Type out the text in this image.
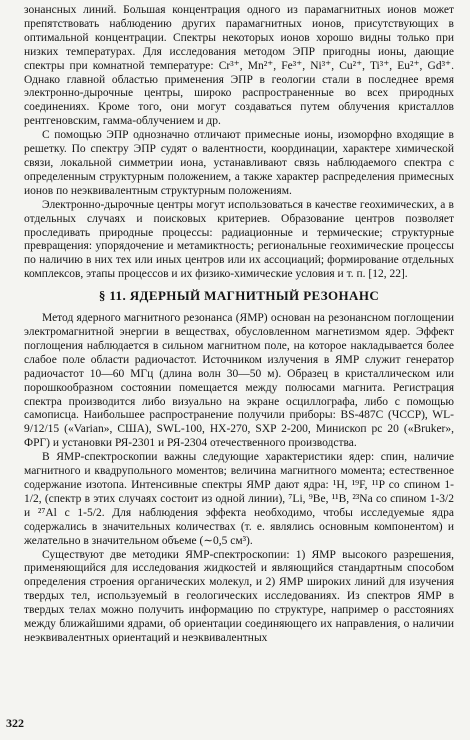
зонансных линий. Большая концентрация одного из парамагнитных ионов может препятствовать наблюдению других парамагнитных ионов, присутствующих в оптимальной концентрации. Спектры некоторых ионов хорошо видны только при низких температурах. Для исследования методом ЭПР пригодны ионы, дающие спектры при комнатной температуре: Cr³⁺, Mn²⁺, Fe³⁺, Ni³⁺, Cu²⁺, Ti³⁺, Eu²⁺, Gd³⁺. Однако главной областью применения ЭПР в геологии стали в последнее время электронно-дырочные центры, широко распространенные во всех природных соединениях. Кроме того, они могут создаваться путем облучения кристаллов рентгеновским, гамма-облучением и др.

С помощью ЭПР однозначно отличают примесные ионы, изоморфно входящие в решетку. По спектру ЭПР судят о валентности, координации, характере химической связи, локальной симметрии иона, устанавливают связь наблюдаемого спектра с определенным структурным положением, а также характер распределения примесных ионов по неэквивалентным структурным положениям.

Электронно-дырочные центры могут использоваться в качестве геохимических, а в отдельных случаях и поисковых критериев. Образование центров позволяет проследивать природные процессы: радиационные и термические; структурные превращения: упорядочение и метамиктность; региональные геохимические процессы по наличию в них тех или иных центров или их ассоциаций; формирование отдельных комплексов, этапы процессов и их физико-химические условия и т. п. [12, 22].

§ 11. ЯДЕРНЫЙ МАГНИТНЫЙ РЕЗОНАНС

Метод ядерного магнитного резонанса (ЯМР) основан на резонансном поглощении электромагнитной энергии в веществах, обусловленном магнетизмом ядер. Эффект поглощения наблюдается в сильном магнитном поле, на которое накладывается более слабое поле области радиочастот. Источником излучения в ЯМР служит генератор радиочастот 10—60 МГц (длина волн 30—50 м). Образец в кристаллическом или порошкообразном состоянии помещается между полюсами магнита. Регистрация спектра производится либо визуально на экране осциллографа, либо с помощью самописца. Наибольшее распространение получили приборы: BS-487C (ЧССР), WL-9/12/15 («Varian», США), SWL-100, HX-270, SXP 2-200, Минископ рс 20 («Bruker», ФРГ) и установки РЯ-2301 и РЯ-2304 отечественного производства.

В ЯМР-спектроскопии важны следующие характеристики ядер: спин, наличие магнитного и квадрупольного моментов; величина магнитного момента; естественное содержание изотопа. Интенсивные спектры ЯМР дают ядра: ¹H, ¹⁹F, ¹¹P со спином 1-1/2, (спектр в этих случаях состоит из одной линии), ⁷Li, ⁹Be, ¹¹B, ²³Na со спином 1-3/2 и ²⁷Al с 1-5/2. Для наблюдения эффекта необходимо, чтобы исследуемые ядра содержались в значительных количествах (т. е. являлись основным компонентом) и желательно в значительном объеме (∼0,5 см³).

Существуют две методики ЯМР-спектроскопии: 1) ЯМР высокого разрешения, применяющийся для исследования жидкостей и являющийся стандартным способом определения строения органических молекул, и 2) ЯМР широких линий для изучения твердых тел, используемый в геологических исследованиях. Из спектров ЯМР в твердых телах можно получить информацию по структуре, например о расстояниях между ближайшими ядрами, об ориентации соединяющего их направления, о наличии неэквивалентных ориентаций и неэквивалентных

322
